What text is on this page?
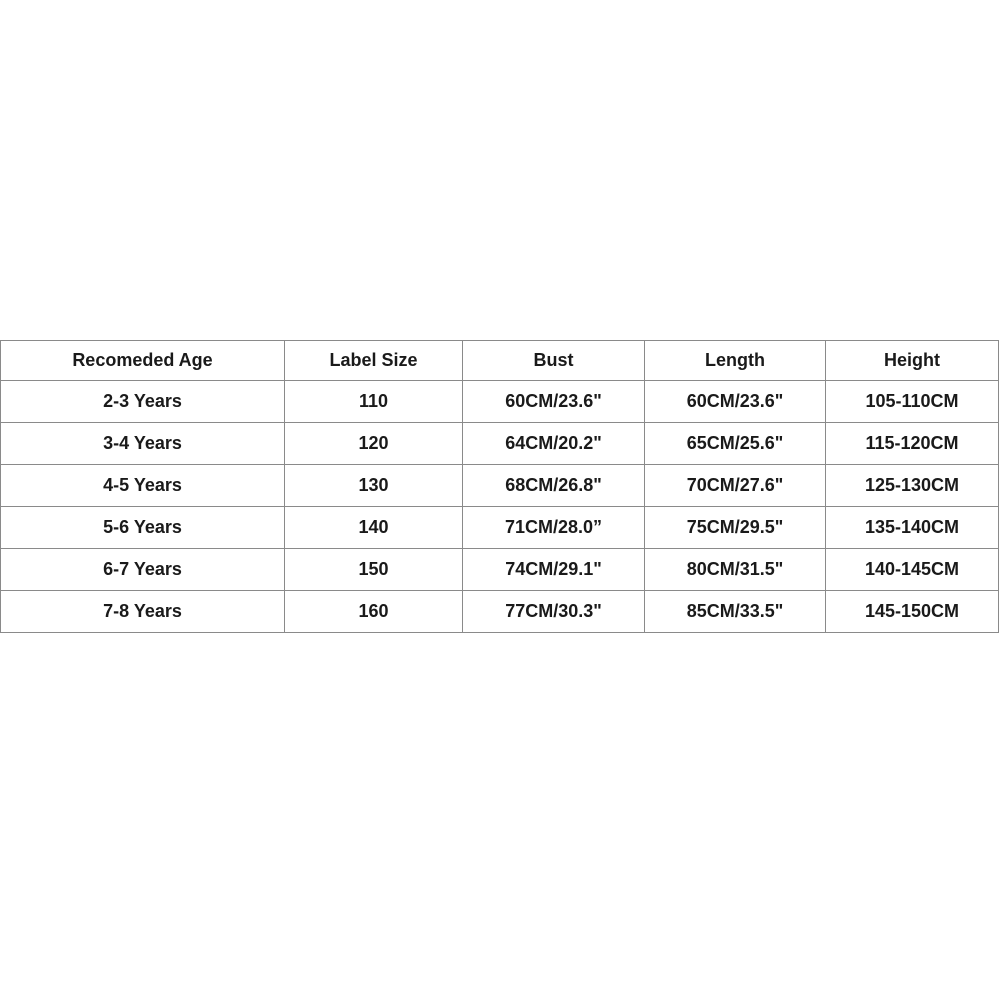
Recomeded Age	Label Size	Bust	Length	Height
2-3 Years	110	60CM/23.6"	60CM/23.6"	105-110CM
3-4 Years	120	64CM/20.2"	65CM/25.6"	115-120CM
4-5 Years	130	68CM/26.8"	70CM/27.6"	125-130CM
5-6 Years	140	71CM/28.0”	75CM/29.5"	135-140CM
6-7 Years	150	74CM/29.1"	80CM/31.5"	140-145CM
7-8 Years	160	77CM/30.3"	85CM/33.5"	145-150CM
